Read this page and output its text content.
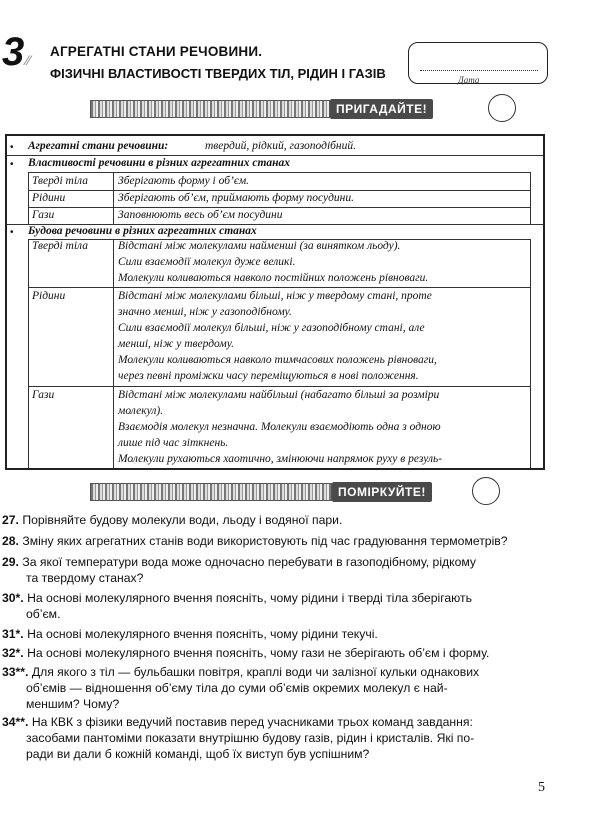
3 ⁄⁄
АГРЕГАТНІ СТАНИ РЕЧОВИНИ.
ФІЗИЧНІ ВЛАСТИВОСТІ ТВЕРДИХ ТІЛ, РІДИН І ГАЗІВ	Дата
ПРИГАДАЙТЕ!
• Агрегатні стани речовини:	твердий, рідкий, газоподібний.
• Властивості речовини в різних агрегатних станах
Тверді тіла	Зберігають форму і об’єм.
Рідини	Зберігають об’єм, приймають форму посудини.
Гази	Заповнюють весь об’єм посудини
• Будова речовини в різних агрегатних станах
Тверді тіла	Відстані між молекулами найменші (за винятком льоду).
Сили взаємодії молекул дуже великі.
Молекули коливаються навколо постійних положень рівноваги.
Рідини	Відстані між молекулами більші, ніж у твердому стані, проте
значно менші, ніж у газоподібному.
Сили взаємодії молекул більші, ніж у газоподібному стані, але
менші, ніж у твердому.
Молекули коливаються навколо тимчасових положень рівноваги,
через певні проміжки часу переміщуються в нові положення.
Гази	Відстані між молекулами найбільші (набагато більші за розміри
молекул).
Взаємодія молекул незначна. Молекули взаємодіють одна з одною
лише під час зіткнень.
Молекули рухаються хаотично, змінюючи напрямок руху в резуль-
ПОМІРКУЙТЕ!
27. Порівняйте будову молекули води, льоду і водяної пари.
28. Зміну яких агрегатних станів води використовують під час градуювання термометрів?
29. За якої температури вода може одночасно перебувати в газоподібному, рідкому
та твердому станах?
30*. На основі молекулярного вчення поясніть, чому рідини і тверді тіла зберігають
об’єм.
31*. На основі молекулярного вчення поясніть, чому рідини текучі.
32*. На основі молекулярного вчення поясніть, чому гази не зберігають об’єм і форму.
33**. Для якого з тіл — бульбашки повітря, краплі води чи залізної кульки однакових
об’ємів — відношення об’єму тіла до суми об’ємів окремих молекул є най-
меншим? Чому?
34**. На КВК з фізики ведучий поставив перед учасниками трьох команд завдання:
засобами пантоміми показати внутрішню будову газів, рідин і кристалів. Які по-
ради ви дали б кожній команді, щоб їх виступ був успішним?
5
